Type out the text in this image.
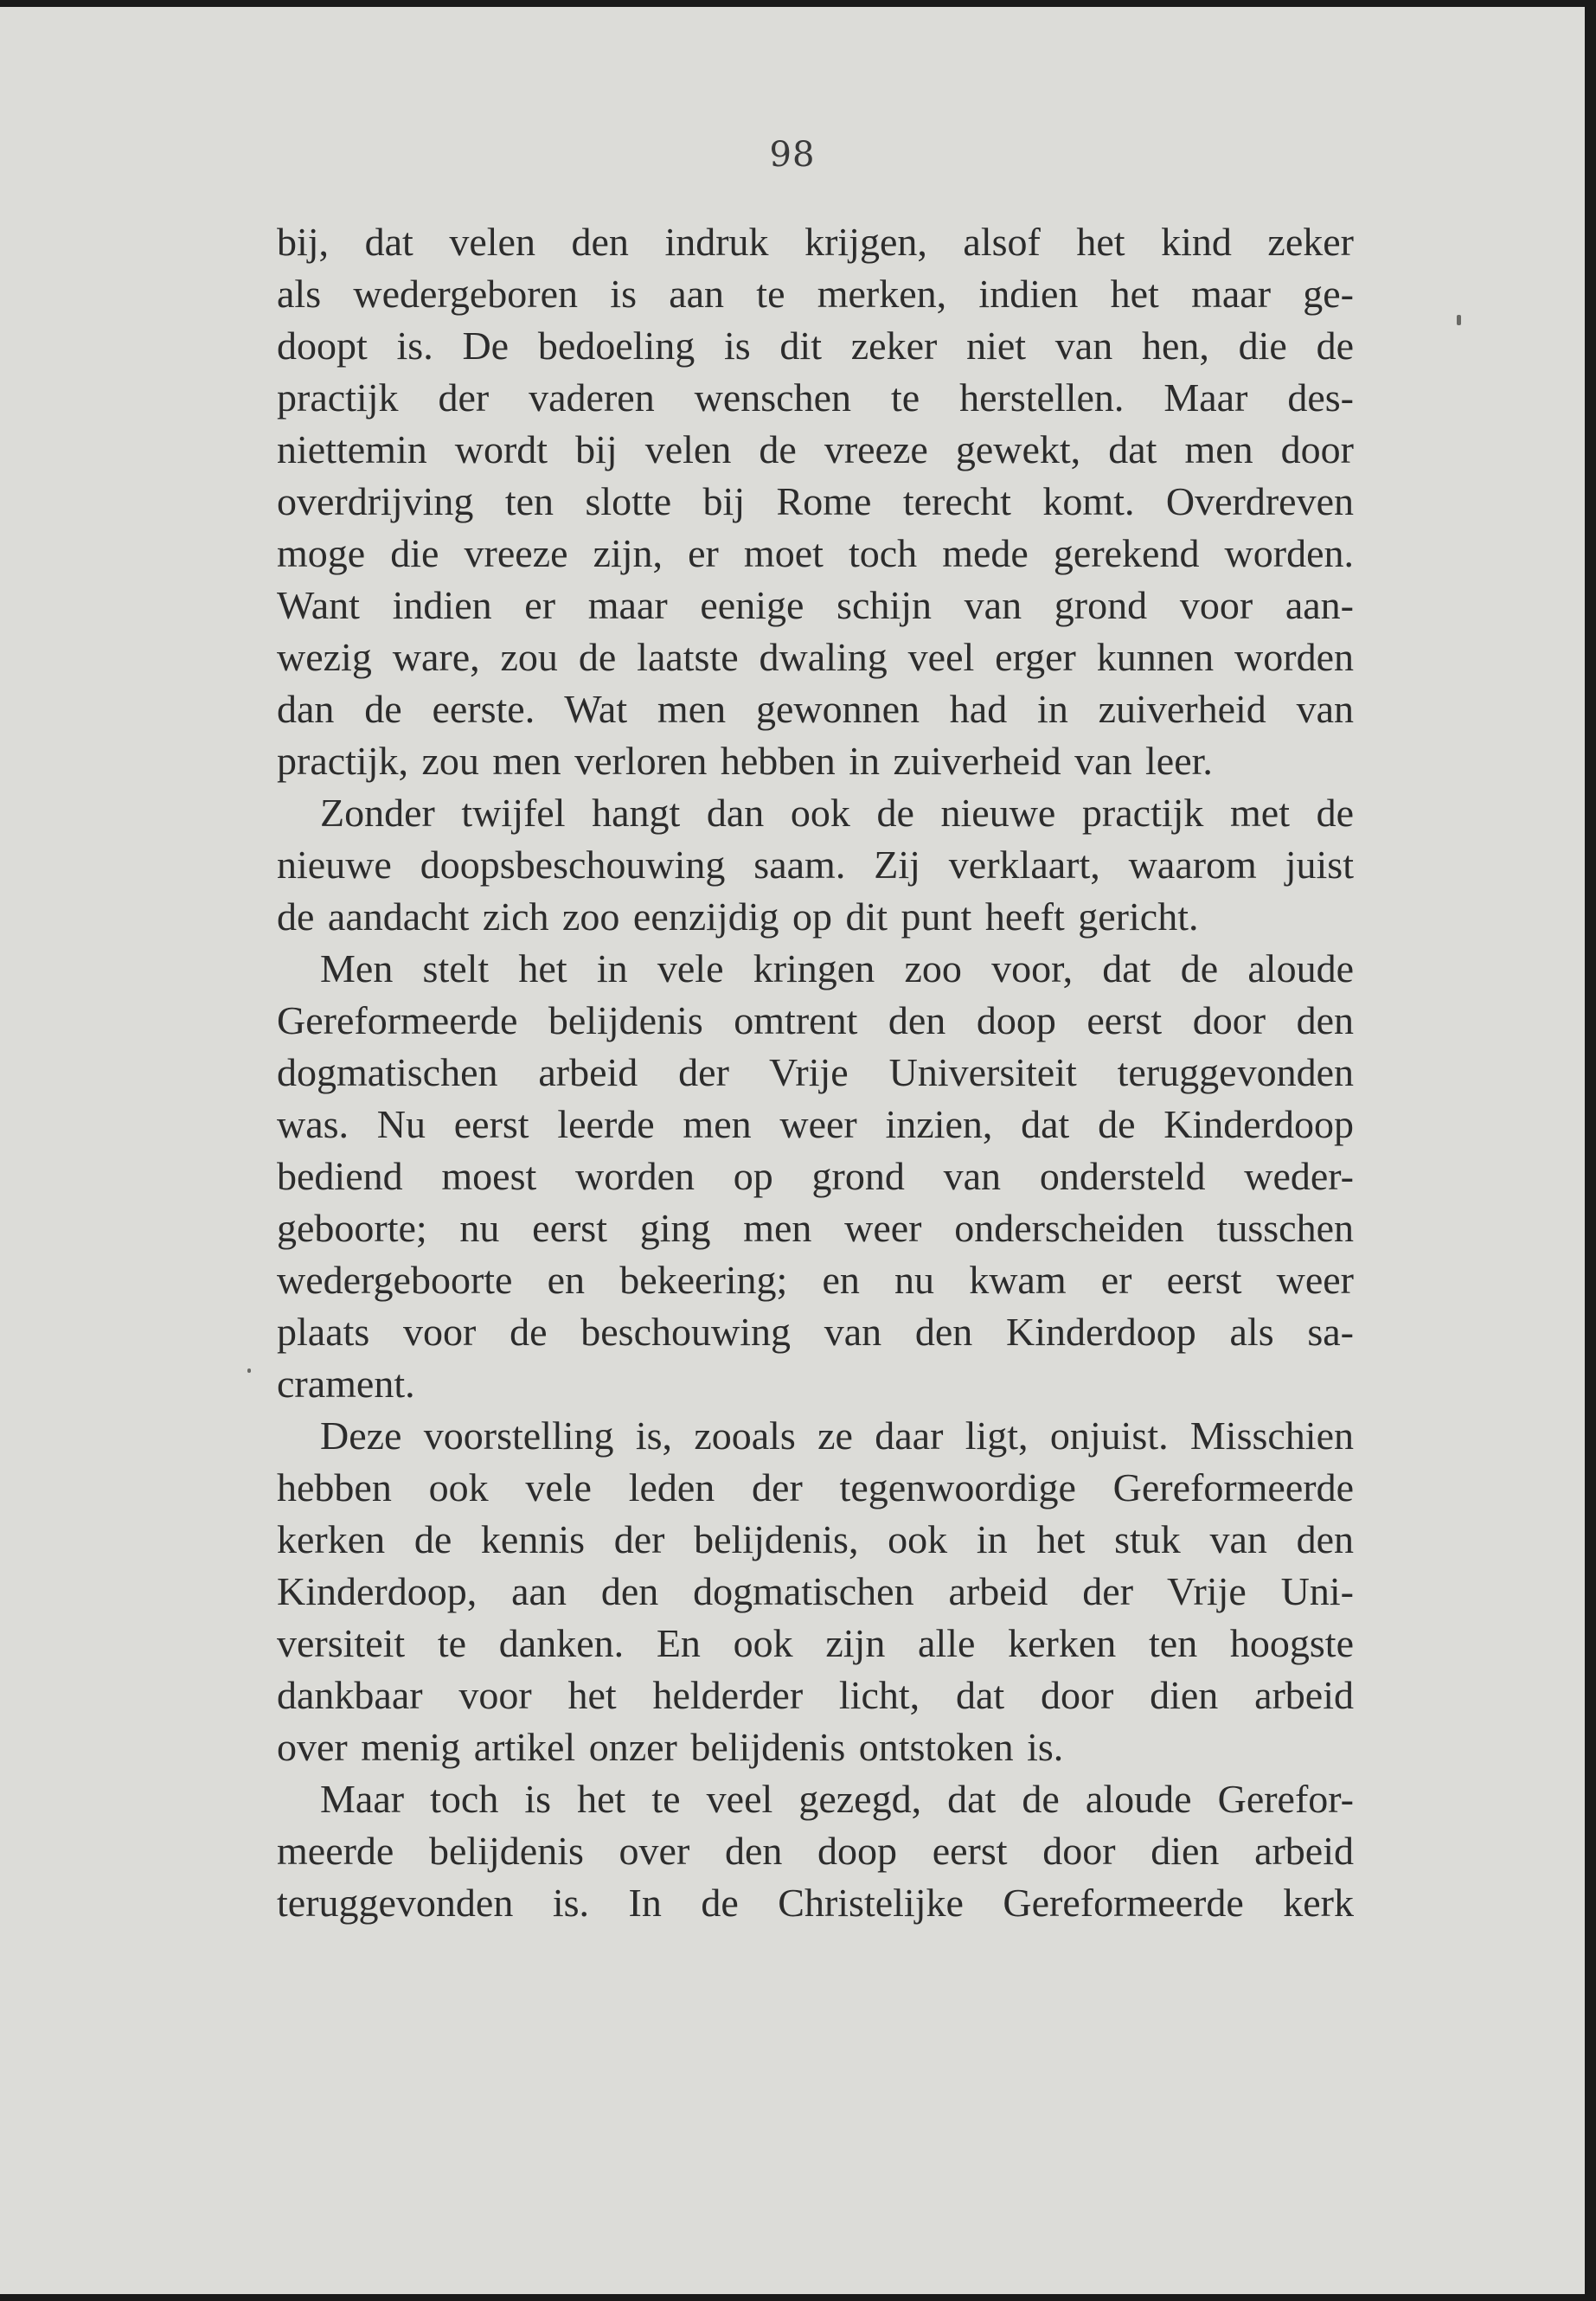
98
bij, dat velen den indruk krijgen, alsof het kind zeker
als wedergeboren is aan te merken, indien het maar ge-
doopt is. De bedoeling is dit zeker niet van hen, die de
practijk der vaderen wenschen te herstellen. Maar des-
niettemin wordt bij velen de vreeze gewekt, dat men door
overdrijving ten slotte bij Rome terecht komt. Overdreven
moge die vreeze zijn, er moet toch mede gerekend worden.
Want indien er maar eenige schijn van grond voor aan-
wezig ware, zou de laatste dwaling veel erger kunnen worden
dan de eerste. Wat men gewonnen had in zuiverheid van
practijk, zou men verloren hebben in zuiverheid van leer.
Zonder twijfel hangt dan ook de nieuwe practijk met de
nieuwe doopsbeschouwing saam. Zij verklaart, waarom juist
de aandacht zich zoo eenzijdig op dit punt heeft gericht.
Men stelt het in vele kringen zoo voor, dat de aloude
Gereformeerde belijdenis omtrent den doop eerst door den
dogmatischen arbeid der Vrije Universiteit teruggevonden
was. Nu eerst leerde men weer inzien, dat de Kinderdoop
bediend moest worden op grond van ondersteld weder-
geboorte; nu eerst ging men weer onderscheiden tusschen
wedergeboorte en bekeering; en nu kwam er eerst weer
plaats voor de beschouwing van den Kinderdoop als sa-
crament.
Deze voorstelling is, zooals ze daar ligt, onjuist. Misschien
hebben ook vele leden der tegenwoordige Gereformeerde
kerken de kennis der belijdenis, ook in het stuk van den
Kinderdoop, aan den dogmatischen arbeid der Vrije Uni-
versiteit te danken. En ook zijn alle kerken ten hoogste
dankbaar voor het helderder licht, dat door dien arbeid
over menig artikel onzer belijdenis ontstoken is.
Maar toch is het te veel gezegd, dat de aloude Gerefor-
meerde belijdenis over den doop eerst door dien arbeid
teruggevonden is. In de Christelijke Gereformeerde kerk
